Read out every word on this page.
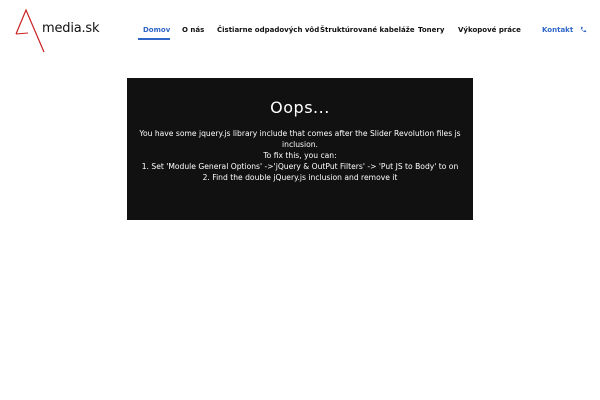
media.sk	Domov O nás Čistiarne odpadových vôd Štruktúrované kabeláže Tonery Výkopové práce	Kontakt
Oops...
You have some jquery.js library include that comes after the Slider Revolution files js inclusion.
To fix this, you can:
1. Set 'Module General Options' ->'jQuery & OutPut Filters' -> 'Put JS to Body' to on
2. Find the double jQuery.js inclusion and remove it
